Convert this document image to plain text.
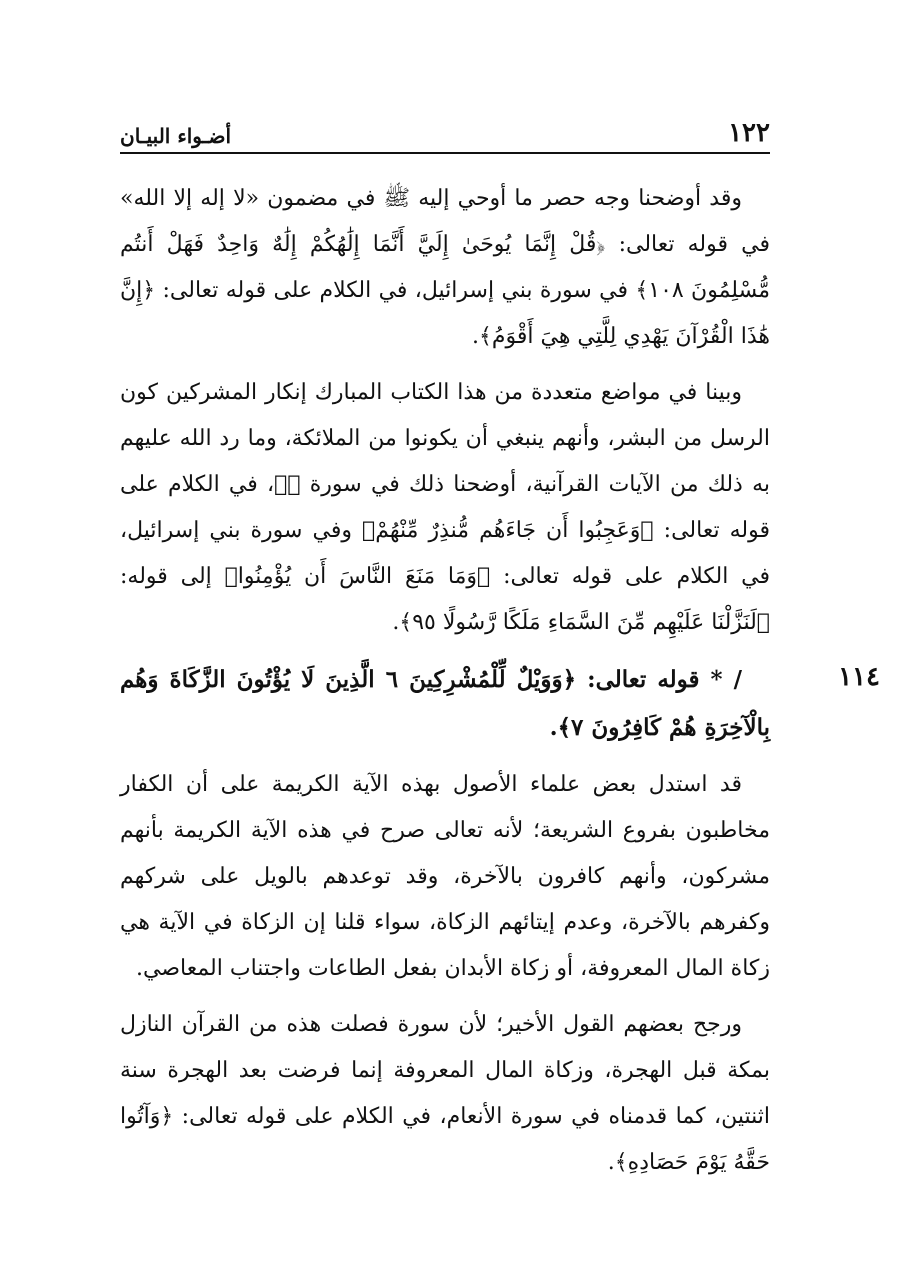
١٢٢
أضـواء البيـان

وقد أوضحنا وجه حصر ما أوحي إليه ﷺ في مضمون «لا إله إلا الله» في قوله تعالى: ﴿قُلْ إِنَّمَا يُوحَىٰ إِلَيَّ أَنَّمَا إِلَٰهُكُمْ إِلَٰهٌ وَاحِدٌ فَهَلْ أَنتُم مُّسْلِمُونَ ١٠٨﴾ في سورة بني إسرائيل، في الكلام على قوله تعالى: ﴿إِنَّ هَٰذَا الْقُرْآنَ يَهْدِي لِلَّتِي هِيَ أَقْوَمُ﴾.

وبينا في مواضع متعددة من هذا الكتاب المبارك إنكار المشركين كون الرسل من البشر، وأنهم ينبغي أن يكونوا من الملائكة، وما رد الله عليهم به ذلك من الآيات القرآنية، أوضحنا ذلك في سورة صۤ، في الكلام على قوله تعالى: ﴿وَعَجِبُوا أَن جَاءَهُم مُّنذِرٌ مِّنْهُمْ﴾ وفي سورة بني إسرائيل، في الكلام على قوله تعالى: ﴿وَمَا مَنَعَ النَّاسَ أَن يُؤْمِنُوا﴾ إلى قوله: ﴿لَنَزَّلْنَا عَلَيْهِم مِّنَ السَّمَاءِ مَلَكًا رَّسُولًا ٩٥﴾.

١١٤
/ * قوله تعالى: ﴿وَوَيْلٌ لِّلْمُشْرِكِينَ ٦ الَّذِينَ لَا يُؤْتُونَ الزَّكَاةَ وَهُم بِالْآخِرَةِ هُمْ كَافِرُونَ ٧﴾.

قد استدل بعض علماء الأصول بهذه الآية الكريمة على أن الكفار مخاطبون بفروع الشريعة؛ لأنه تعالى صرح في هذه الآية الكريمة بأنهم مشركون، وأنهم كافرون بالآخرة، وقد توعدهم بالويل على شركهم وكفرهم بالآخرة، وعدم إيتائهم الزكاة، سواء قلنا إن الزكاة في الآية هي زكاة المال المعروفة، أو زكاة الأبدان بفعل الطاعات واجتناب المعاصي.

ورجح بعضهم القول الأخير؛ لأن سورة فصلت هذه من القرآن النازل بمكة قبل الهجرة، وزكاة المال المعروفة إنما فرضت بعد الهجرة سنة اثنتين، كما قدمناه في سورة الأنعام، في الكلام على قوله تعالى: ﴿وَآتُوا حَقَّهُ يَوْمَ حَصَادِهِ﴾.
